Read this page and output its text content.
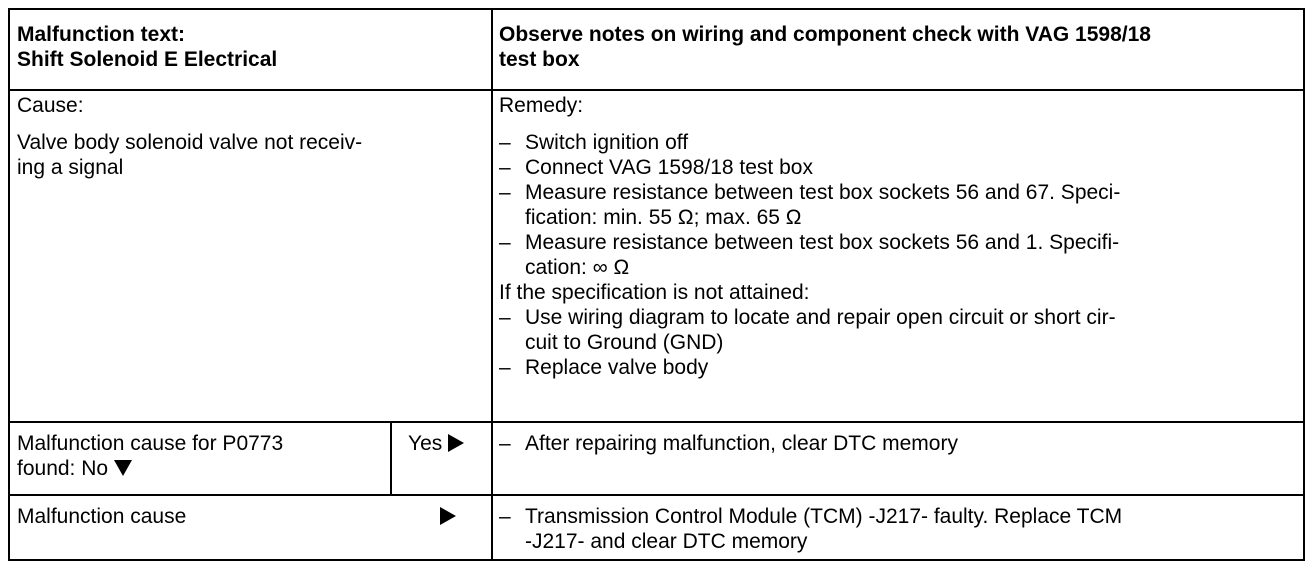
Malfunction text:
Shift Solenoid E Electrical
Observe notes on wiring and component check with VAG 1598/18
test box
Cause:
Valve body solenoid valve not receiv-
ing a signal
Remedy:
– Switch ignition off
– Connect VAG 1598/18 test box
– Measure resistance between test box sockets 56 and 67. Speci-
fication: min. 55 Ω; max. 65 Ω
– Measure resistance between test box sockets 56 and 1. Specifi-
cation: ∞ Ω
If the specification is not attained:
– Use wiring diagram to locate and repair open circuit or short cir-
cuit to Ground (GND)
– Replace valve body
Malfunction cause for P0773
found: No
Yes	– After repairing malfunction, clear DTC memory
Malfunction cause	– Transmission Control Module (TCM) -J217- faulty. Replace TCM
-J217- and clear DTC memory
